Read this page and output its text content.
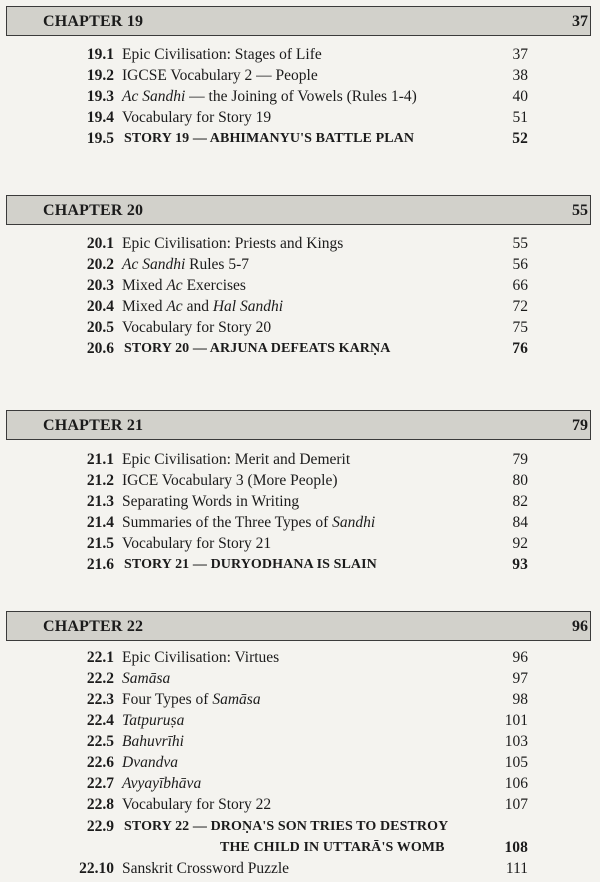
CHAPTER 19	37
19.1 Epic Civilisation: Stages of Life	37
19.2 IGCSE Vocabulary 2 — People	38
19.3 Ac Sandhi — the Joining of Vowels (Rules 1-4)	40
19.4 Vocabulary for Story 19	51
19.5 STORY 19 — ABHIMANYU'S BATTLE PLAN	52
CHAPTER 20	55
20.1 Epic Civilisation: Priests and Kings	55
20.2 Ac Sandhi Rules 5-7	56
20.3 Mixed Ac Exercises	66
20.4 Mixed Ac and Hal Sandhi	72
20.5 Vocabulary for Story 20	75
20.6 STORY 20 — ARJUNA DEFEATS KARṆA	76
CHAPTER 21	79
21.1 Epic Civilisation: Merit and Demerit	79
21.2 IGCE Vocabulary 3 (More People)	80
21.3 Separating Words in Writing	82
21.4 Summaries of the Three Types of Sandhi	84
21.5 Vocabulary for Story 21	92
21.6 STORY 21 — DURYODHANA IS SLAIN	93
CHAPTER 22	96
22.1 Epic Civilisation: Virtues	96
22.2 Samāsa	97
22.3 Four Types of Samāsa	98
22.4 Tatpuruṣa	101
22.5 Bahuvrīhi	103
22.6 Dvandva	105
22.7 Avyayībhāva	106
22.8 Vocabulary for Story 22	107
22.9 STORY 22 — DROṆA'S SON TRIES TO DESTROY
THE CHILD IN UTTARĀ'S WOMB	108
22.10 Sanskrit Crossword Puzzle	111
